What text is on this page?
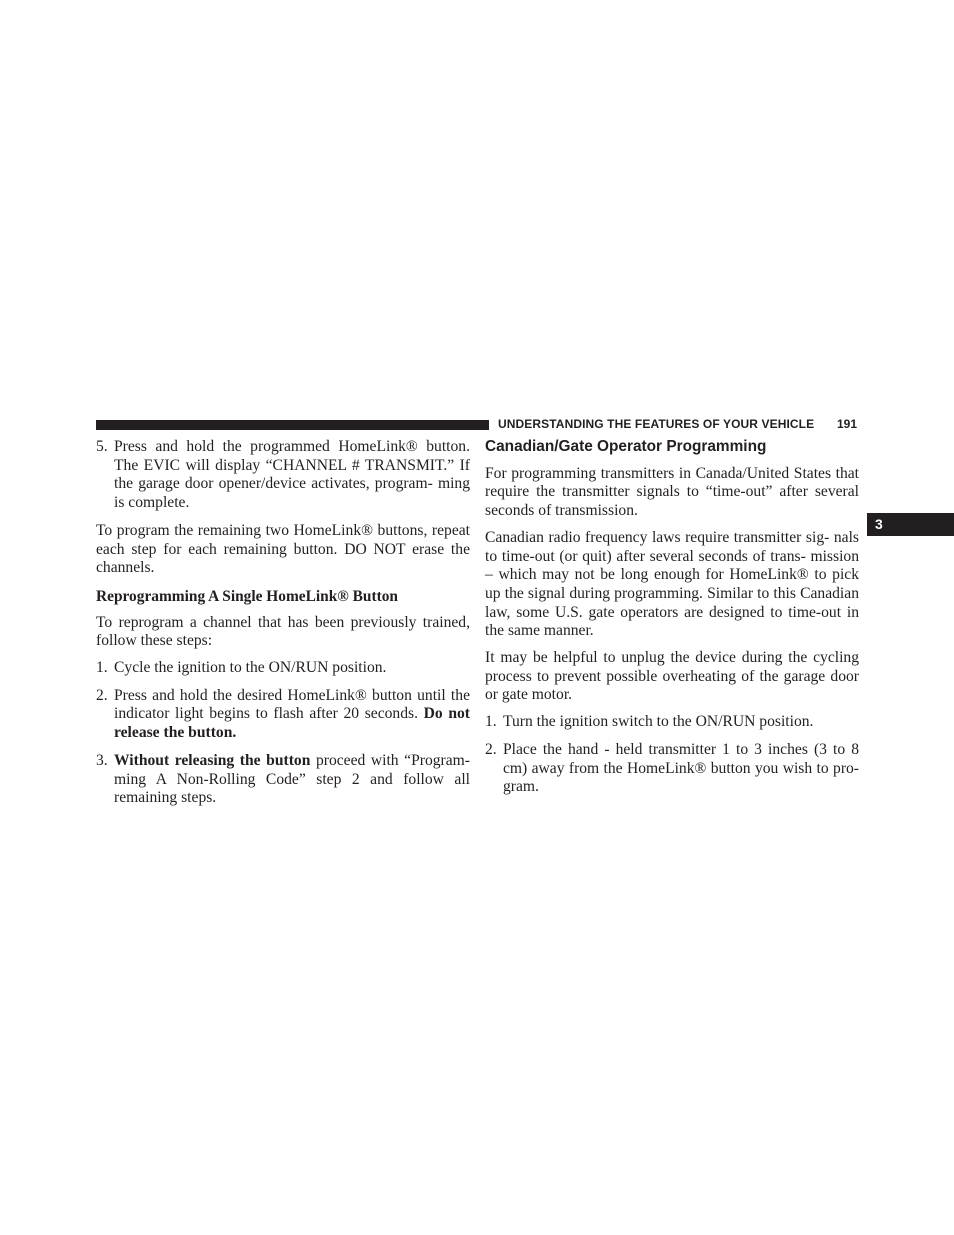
UNDERSTANDING THE FEATURES OF YOUR VEHICLE 191
3
5. Press and hold the programmed HomeLink® button. The EVIC will display “CHANNEL # TRANSMIT.” If the garage door opener/device activates, program- ming is complete.

To program the remaining two HomeLink® buttons, repeat each step for each remaining button. DO NOT erase the channels.

Reprogramming A Single HomeLink® Button

To reprogram a channel that has been previously trained, follow these steps:

1. Cycle the ignition to the ON/RUN position.
2. Press and hold the desired HomeLink® button until the indicator light begins to flash after 20 seconds. Do not release the button.
3. Without releasing the button proceed with “Program- ming A Non-Rolling Code” step 2 and follow all remaining steps.
Canadian/Gate Operator Programming

For programming transmitters in Canada/United States that require the transmitter signals to “time-out” after several seconds of transmission.

Canadian radio frequency laws require transmitter sig- nals to time-out (or quit) after several seconds of trans- mission – which may not be long enough for HomeLink® to pick up the signal during programming. Similar to this Canadian law, some U.S. gate operators are designed to time-out in the same manner.

It may be helpful to unplug the device during the cycling process to prevent possible overheating of the garage door or gate motor.

1. Turn the ignition switch to the ON/RUN position.
2. Place the hand - held transmitter 1 to 3 inches (3 to 8 cm) away from the HomeLink® button you wish to pro- gram.
